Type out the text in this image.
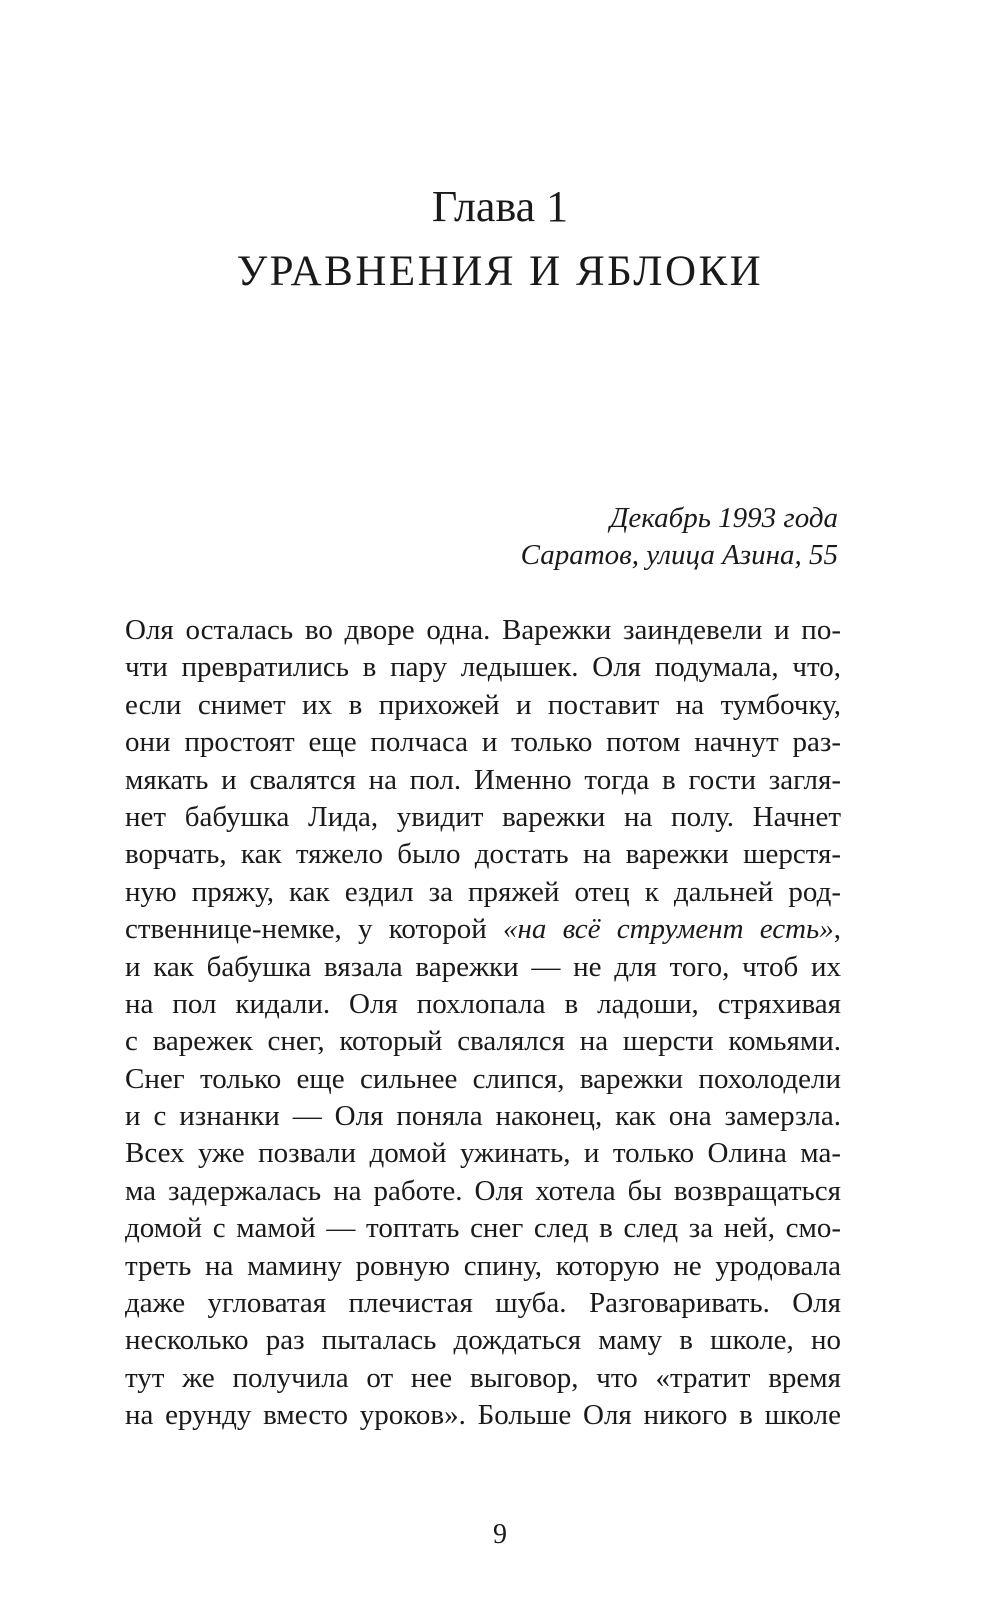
Глава 1
УРАВНЕНИЯ И ЯБЛОКИ
Декабрь 1993 года
Саратов, улица Азина, 55
Оля осталась во дворе одна. Варежки заиндевели и по-
чти превратились в пару ледышек. Оля подумала, что,
если снимет их в прихожей и поставит на тумбочку,
они простоят еще полчаса и только потом начнут раз-
мякать и свалятся на пол. Именно тогда в гости загля-
нет бабушка Лида, увидит варежки на полу. Начнет
ворчать, как тяжело было достать на варежки шерстя-
ную пряжу, как ездил за пряжей отец к дальней род-
ственнице-немке, у которой «на всё струмент есть»,
и как бабушка вязала варежки — не для того, чтоб их
на пол кидали. Оля похлопала в ладоши, стряхивая
с варежек снег, который свалялся на шерсти комьями.
Снег только еще сильнее слипся, варежки похолодели
и с изнанки — Оля поняла наконец, как она замерзла.
Всех уже позвали домой ужинать, и только Олина ма-
ма задержалась на работе. Оля хотела бы возвращаться
домой с мамой — топтать снег след в след за ней, смо-
треть на мамину ровную спину, которую не уродовала
даже угловатая плечистая шуба. Разговаривать. Оля
несколько раз пыталась дождаться маму в школе, но
тут же получила от нее выговор, что «тратит время
на ерунду вместо уроков». Больше Оля никого в школе
9
